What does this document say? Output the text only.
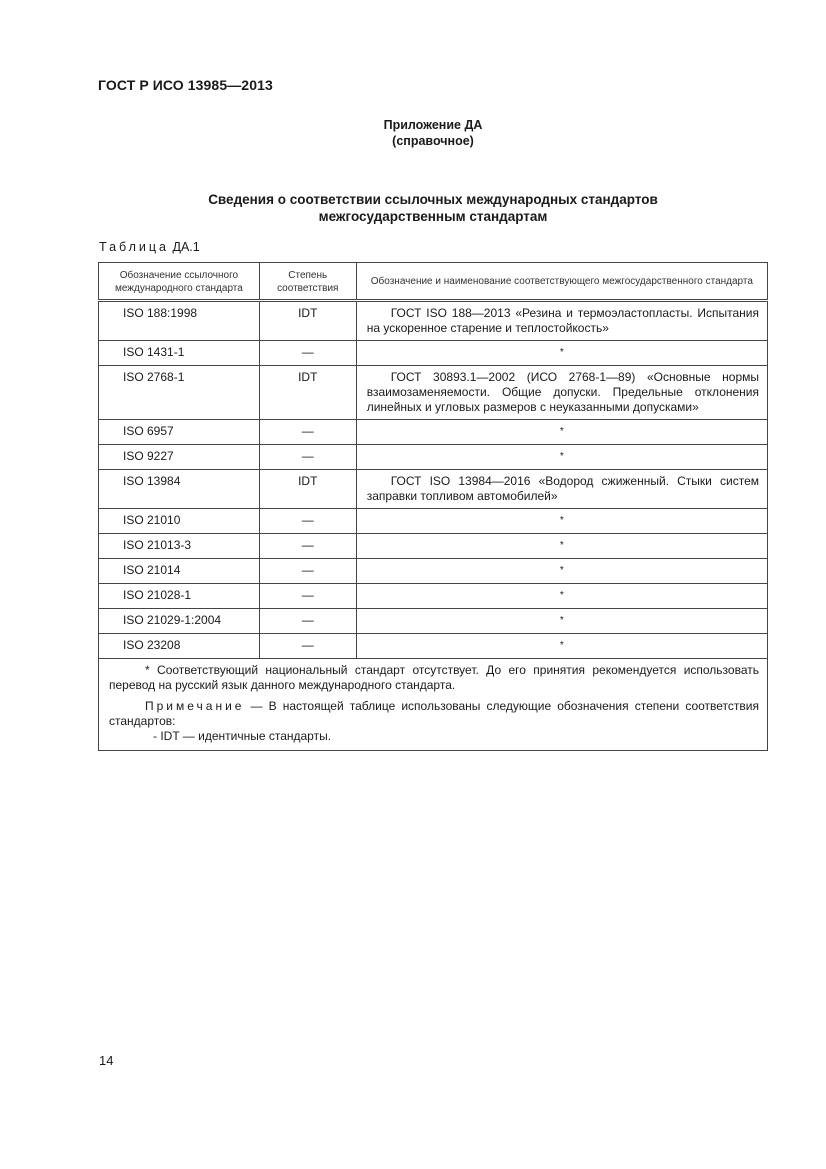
ГОСТ Р ИСО 13985—2013
Приложение ДА
(справочное)
Сведения о соответствии ссылочных международных стандартов
межгосударственным стандартам
Таблица ДА.1
Обозначение ссылочного международного стандарта	Степень соответствия	Обозначение и наименование соответствующего межгосударственного стандарта
ISO 188:1998	IDT	ГОСТ ISO 188—2013 «Резина и термоэластопласты. Испытания на ускоренное старение и теплостойкость»

ISO 1431-1	—	*
ISO 2768-1	IDT	ГОСТ 30893.1—2002 (ИСО 2768-1—89) «Основные нормы взаимозаменяемости. Общие допуски. Предельные отклонения линейных и угловых размеров с неуказанными допусками»

ISO 6957	—	*
ISO 9227	—	*
ISO 13984	IDT	ГОСТ ISO 13984—2016 «Водород сжиженный. Стыки систем заправки топливом автомобилей»

ISO 21010	—	*
ISO 21013-3	—	*
ISO 21014	—	*
ISO 21028-1	—	*
ISO 21029-1:2004	—	*
ISO 23208	—	*

* Соответствующий национальный стандарт отсутствует. До его принятия рекомендуется использовать перевод на русский язык данного международного стандарта.

Примечание — В настоящей таблице использованы следующие обозначения степени соответствия стандартов:

- IDT — идентичные стандарты.		

14
